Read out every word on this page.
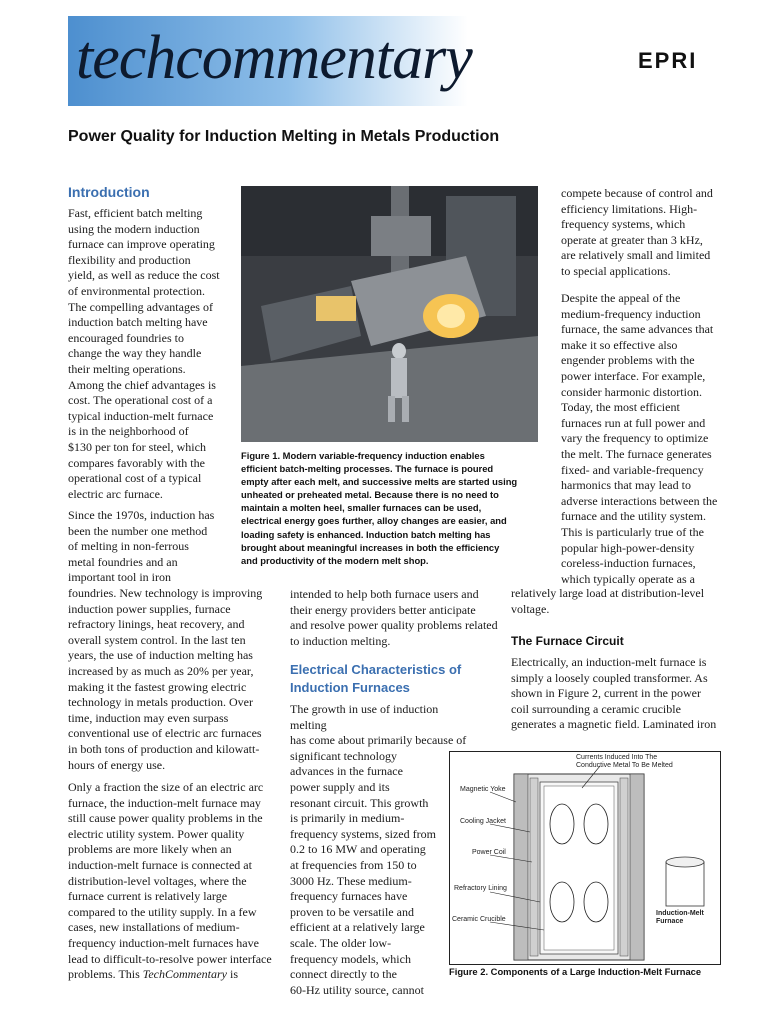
techcommentary	EPRI
Power Quality for Induction Melting in Metals Production
Introduction
Fast, efficient batch melting
using the modern induction
furnace can improve operating
flexibility and production
yield, as well as reduce the cost
of environmental protection.
The compelling advantages of
induction batch melting have
encouraged foundries to
change the way they handle
their melting operations.
Among the chief advantages is
cost. The operational cost of a
typical induction-melt furnace
is in the neighborhood of
$130 per ton for steel, which
compares favorably with the
operational cost of a typical
electric arc furnace.
Since the 1970s, induction has
been the number one method
of melting in non-ferrous
metal foundries and an
important tool in iron
foundries. New technology is improving
induction power supplies, furnace
refractory linings, heat recovery, and
overall system control. In the last ten
years, the use of induction melting has
increased by as much as 20% per year,
making it the fastest growing electric
technology in metals production. Over
time, induction may even surpass
conventional use of electric arc furnaces
in both tons of production and kilowatt-
hours of energy use.
Only a fraction the size of an electric arc
furnace, the induction-melt furnace may
still cause power quality problems in the
electric utility system. Power quality
problems are more likely when an
induction-melt furnace is connected at
distribution-level voltages, where the
furnace current is relatively large
compared to the utility supply. In a few
cases, new installations of medium-
frequency induction-melt furnaces have
lead to difficult-to-resolve power interface
problems. This TechCommentary is
Figure 1. Modern variable-frequency induction enables
efficient batch-melting processes. The furnace is poured
empty after each melt, and successive melts are started using
unheated or preheated metal. Because there is no need to
maintain a molten heel, smaller furnaces can be used,
electrical energy goes further, alloy changes are easier, and
loading safety is enhanced. Induction batch melting has
brought about meaningful increases in both the efficiency
and productivity of the modern melt shop.
intended to help both furnace users and
their energy providers better anticipate
and resolve power quality problems related
to induction melting.
Electrical Characteristics of
Induction Furnaces
The growth in use of induction melting
has come about primarily because of
significant technology
advances in the furnace
power supply and its
resonant circuit. This growth
is primarily in medium-
frequency systems, sized from
0.2 to 16 MW and operating
at frequencies from 150 to
3000 Hz. These medium-
frequency furnaces have
proven to be versatile and
efficient at a relatively large
scale. The older low-
frequency models, which
connect directly to the
60-Hz utility source, cannot
compete because of control and
efficiency limitations. High-
frequency systems, which
operate at greater than 3 kHz,
are relatively small and limited
to special applications.
Despite the appeal of the
medium-frequency induction
furnace, the same advances that
make it so effective also
engender problems with the
power interface. For example,
consider harmonic distortion.
Today, the most efficient
furnaces run at full power and
vary the frequency to optimize
the melt. The furnace generates
fixed- and variable-frequency
harmonics that may lead to
adverse interactions between the
furnace and the utility system.
This is particularly true of the
popular high-power-density
coreless-induction furnaces,
which typically operate as a
relatively large load at distribution-level
voltage.
The Furnace Circuit
Electrically, an induction-melt furnace is
simply a loosely coupled transformer. As
shown in Figure 2, current in the power
coil surrounding a ceramic crucible
generates a magnetic field. Laminated iron
Currents Induced Into The
Conductive Metal To Be Melted
Magnetic Yoke
Cooling Jacket
Power Coil
Refractory Lining
Ceramic Crucible
Induction-Melt
Furnace
Figure 2. Components of a Large Induction-Melt Furnace
